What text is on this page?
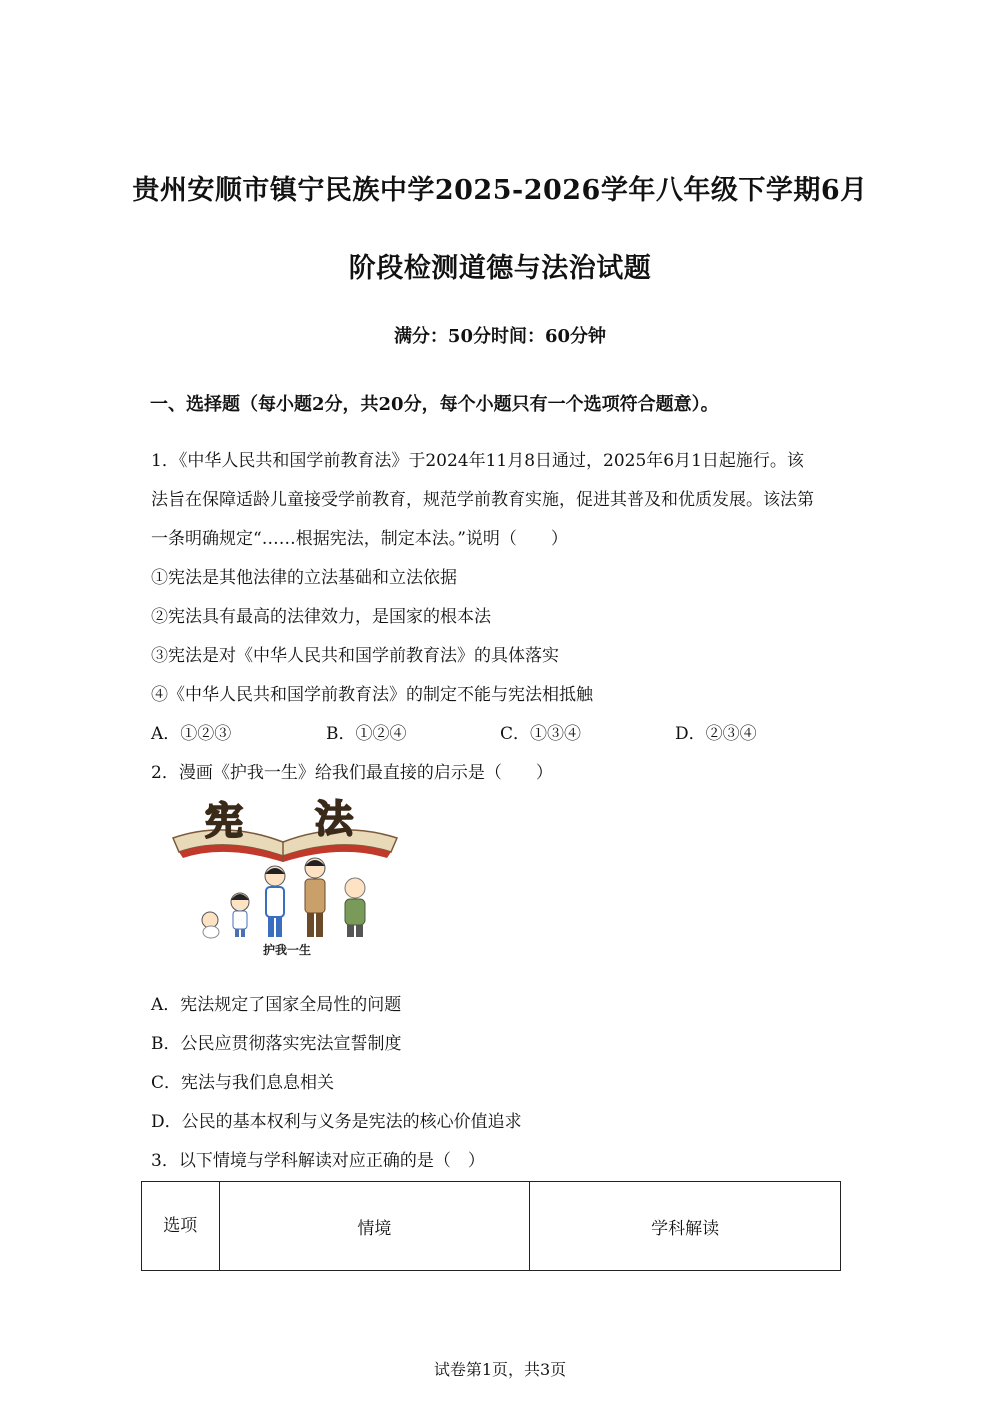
贵州安顺市镇宁民族中学2025-2026学年八年级下学期6月
阶段检测道德与法治试题
满分：50分时间：60分钟
一、选择题（每小题2分，共20分，每个小题只有一个选项符合题意）。
1．《中华人民共和国学前教育法》于2024年11月8日通过，2025年6月1日起施行。该
法旨在保障适龄儿童接受学前教育，规范学前教育实施，促进其普及和优质发展。该法第
一条明确规定“……根据宪法，制定本法。”说明（　　）
①宪法是其他法律的立法基础和立法依据
②宪法具有最高的法律效力，是国家的根本法
③宪法是对《中华人民共和国学前教育法》的具体落实
④《中华人民共和国学前教育法》的制定不能与宪法相抵触
A．①②③	B．①②④	C．①③④	D．②③④
2．漫画《护我一生》给我们最直接的启示是（　　）
宪 法
护我一生
A．宪法规定了国家全局性的问题
B．公民应贯彻落实宪法宣誓制度
C．宪法与我们息息相关
D．公民的基本权利与义务是宪法的核心价值追求
3．以下情境与学科解读对应正确的是（　）
选项	情境	学科解读
试卷第1页，共3页
